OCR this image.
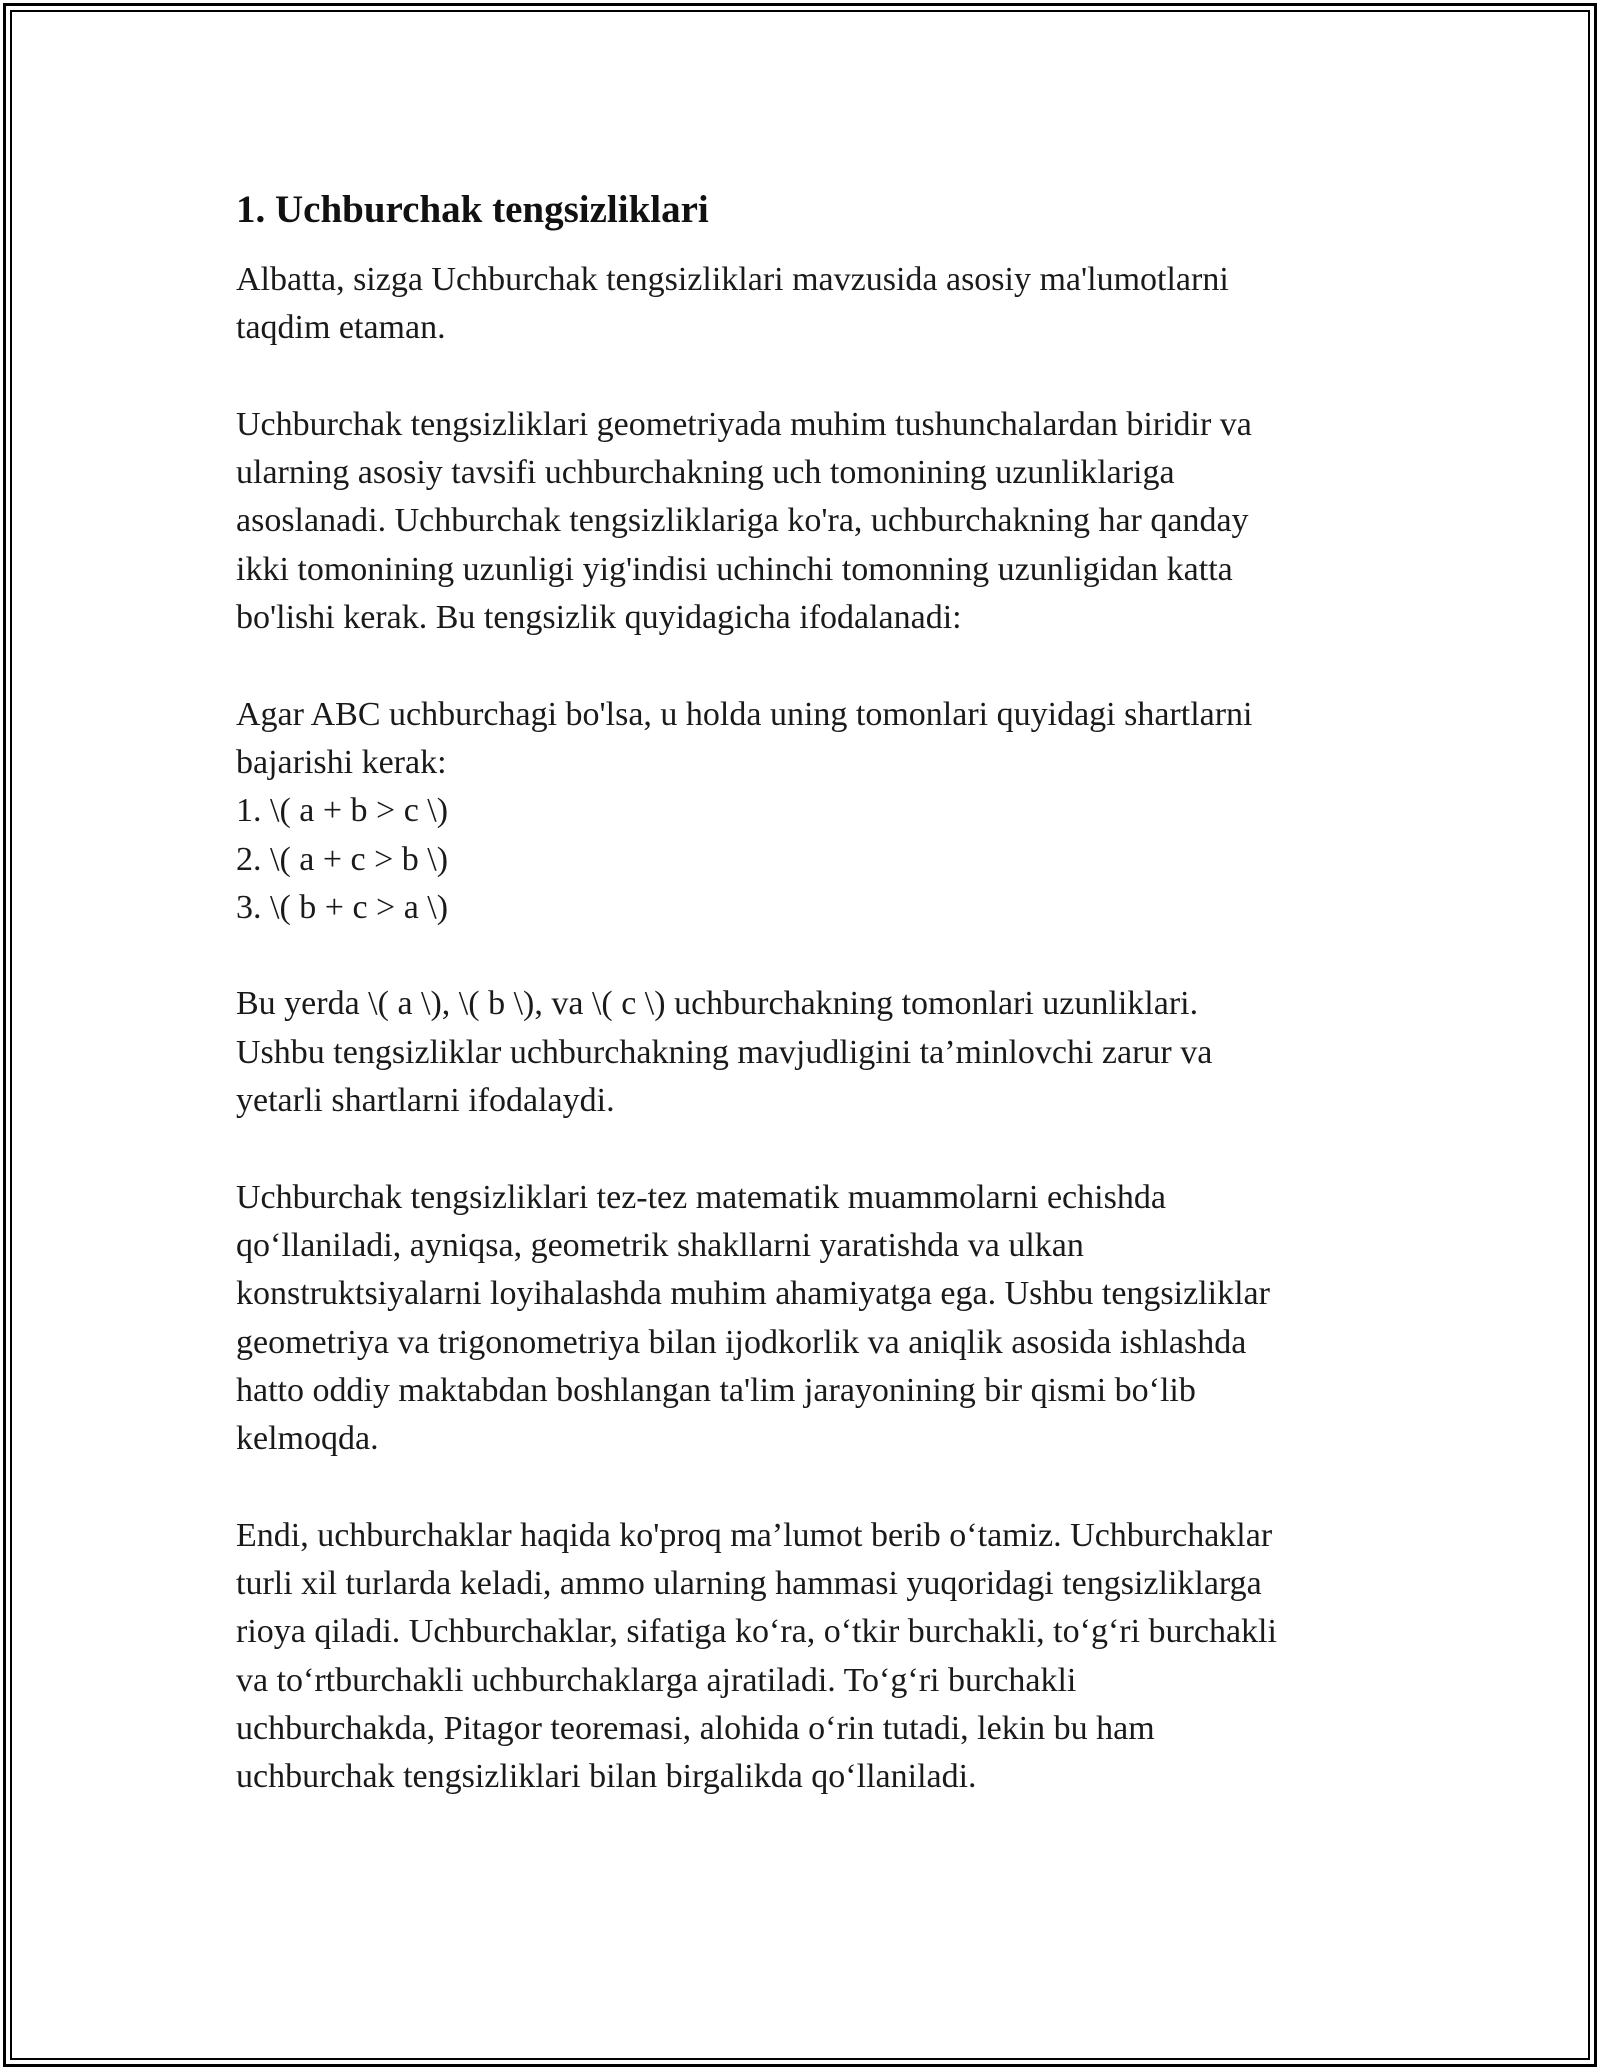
1. Uchburchak tengsizliklari

Albatta, sizga Uchburchak tengsizliklari mavzusida asosiy ma'lumotlarni
taqdim etaman.

Uchburchak tengsizliklari geometriyada muhim tushunchalardan biridir va
ularning asosiy tavsifi uchburchakning uch tomonining uzunliklariga
asoslanadi. Uchburchak tengsizliklariga ko'ra, uchburchakning har qanday
ikki tomonining uzunligi yig'indisi uchinchi tomonning uzunligidan katta
bo'lishi kerak. Bu tengsizlik quyidagicha ifodalanadi:

Agar ABC uchburchagi bo'lsa, u holda uning tomonlari quyidagi shartlarni
bajarishi kerak:
1. \( a + b > c \)
2. \( a + c > b \)
3. \( b + c > a \)

Bu yerda \( a \), \( b \), va \( c \) uchburchakning tomonlari uzunliklari.
Ushbu tengsizliklar uchburchakning mavjudligini ta’minlovchi zarur va
yetarli shartlarni ifodalaydi.

Uchburchak tengsizliklari tez-tez matematik muammolarni echishda
qo‘llaniladi, ayniqsa, geometrik shakllarni yaratishda va ulkan
konstruktsiyalarni loyihalashda muhim ahamiyatga ega. Ushbu tengsizliklar
geometriya va trigonometriya bilan ijodkorlik va aniqlik asosida ishlashda
hatto oddiy maktabdan boshlangan ta'lim jarayonining bir qismi bo‘lib
kelmoqda.

Endi, uchburchaklar haqida ko'proq ma’lumot berib o‘tamiz. Uchburchaklar
turli xil turlarda keladi, ammo ularning hammasi yuqoridagi tengsizliklarga
rioya qiladi. Uchburchaklar, sifatiga ko‘ra, o‘tkir burchakli, to‘g‘ri burchakli
va to‘rtburchakli uchburchaklarga ajratiladi. To‘g‘ri burchakli
uchburchakda, Pitagor teoremasi, alohida o‘rin tutadi, lekin bu ham
uchburchak tengsizliklari bilan birgalikda qo‘llaniladi.
